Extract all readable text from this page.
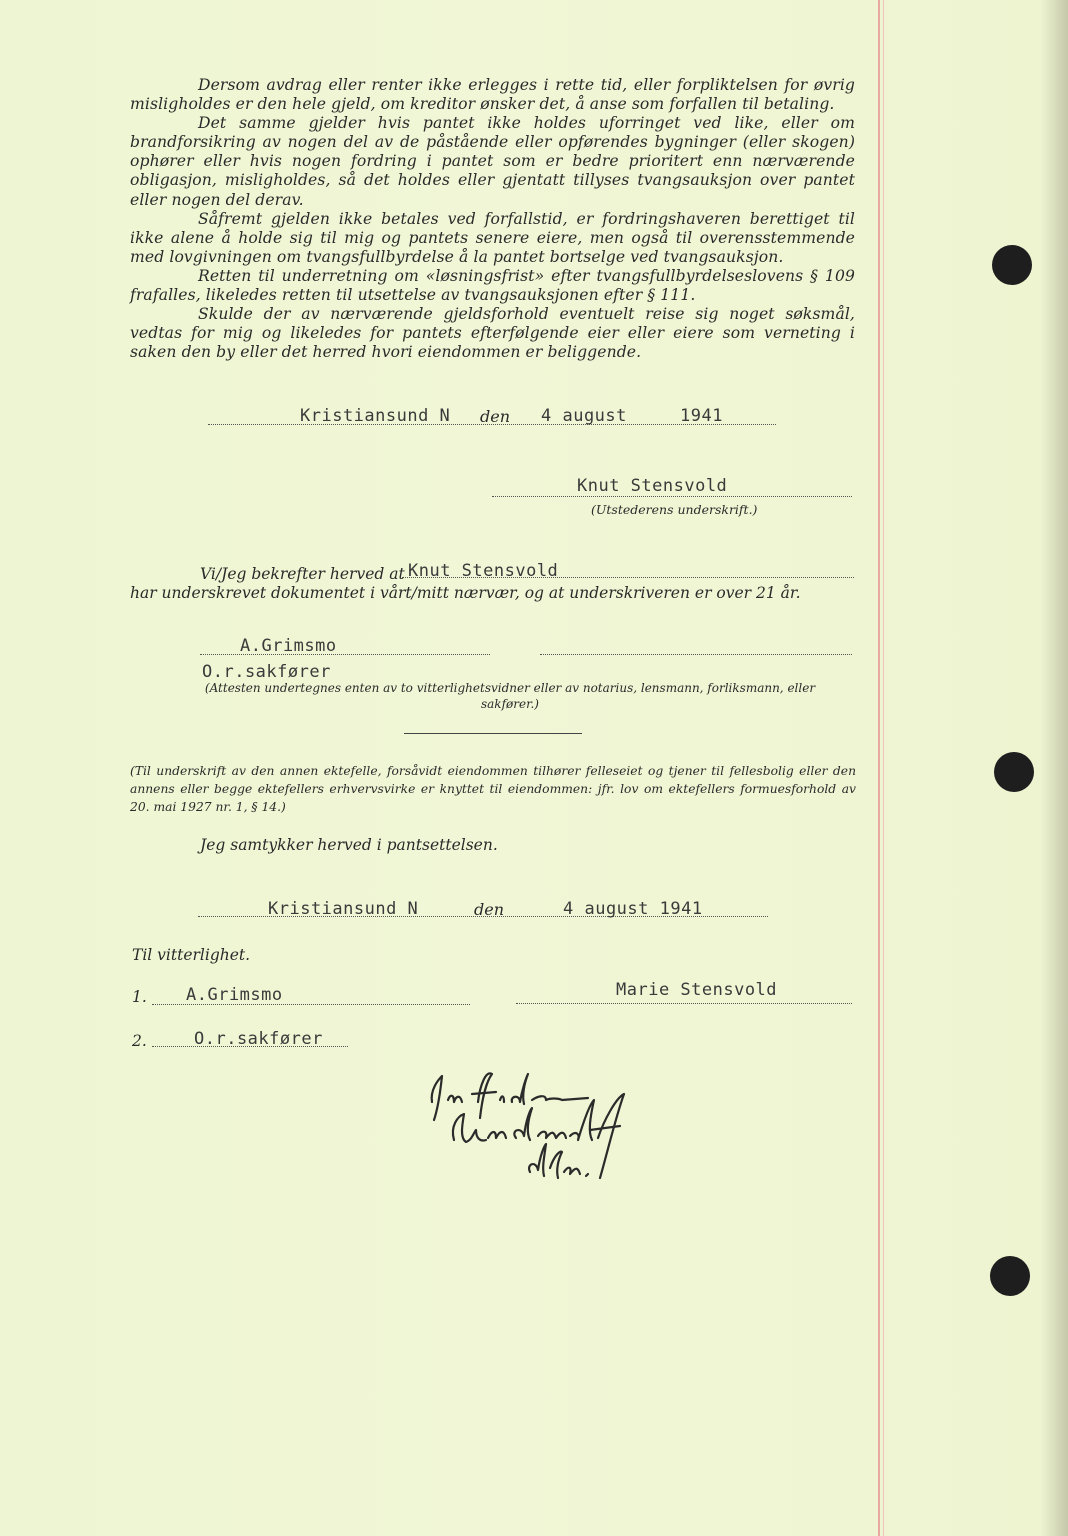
Dersom avdrag eller renter ikke erlegges i rette tid, eller forpliktelsen for øvrig misligholdes er den hele gjeld, om kreditor ønsker det, å anse som forfallen til betaling.

Det samme gjelder hvis pantet ikke holdes uforringet ved like, eller om brandforsikring av nogen del av de påstående eller opførendes bygninger (eller skogen) ophører eller hvis nogen fordring i pantet som er bedre prioritert enn nærværende obligasjon, misligholdes, så det holdes eller gjentatt tillyses tvangsauksjon over pantet eller nogen del derav.

Såfremt gjelden ikke betales ved forfallstid, er fordringshaveren berettiget til ikke alene å holde sig til mig og pantets senere eiere, men også til overensstemmende med lovgivningen om tvangsfullbyrdelse å la pantet bortselge ved tvangsauksjon.

Retten til underretning om «løsningsfrist» efter tvangsfullbyrdelseslovens § 109 frafalles, likeledes retten til utsettelse av tvangsauksjonen efter § 111.

Skulde der av nærværende gjeldsforhold eventuelt reise sig noget søksmål, vedtas for mig og likeledes for pantets efterfølgende eier eller eiere som verneting i saken den by eller det herred hvori eiendommen er beliggende.

Kristiansund N den 4 august	1941
Knut Stensvold
(Utstederens underskrift.)
Vi/Jeg bekrefter herved at Knut Stensvold
har underskrevet dokumentet i vårt/mitt nærvær, og at underskriveren er over 21 år.
A.Grimsmo
O.r.sakfører
(Attesten undertegnes enten av to vitterlighetsvidner eller av notarius, lensmann, forliksmann, eller sakfører.)
(Til underskrift av den annen ektefelle, forsåvidt eiendommen tilhører felleseiet og tjener til fellesbolig eller den annens eller begge ektefellers erhvervsvirke er knyttet til eiendommen: jfr. lov om ektefellers formuesforhold av 20. mai 1927 nr. 1, § 14.)
Jeg samtykker herved i pantsettelsen.
Kristiansund N	den	4 august 1941
Til vitterlighet.
1. A.Grimsmo	Marie Stensvold
2.	O.r.sakfører
